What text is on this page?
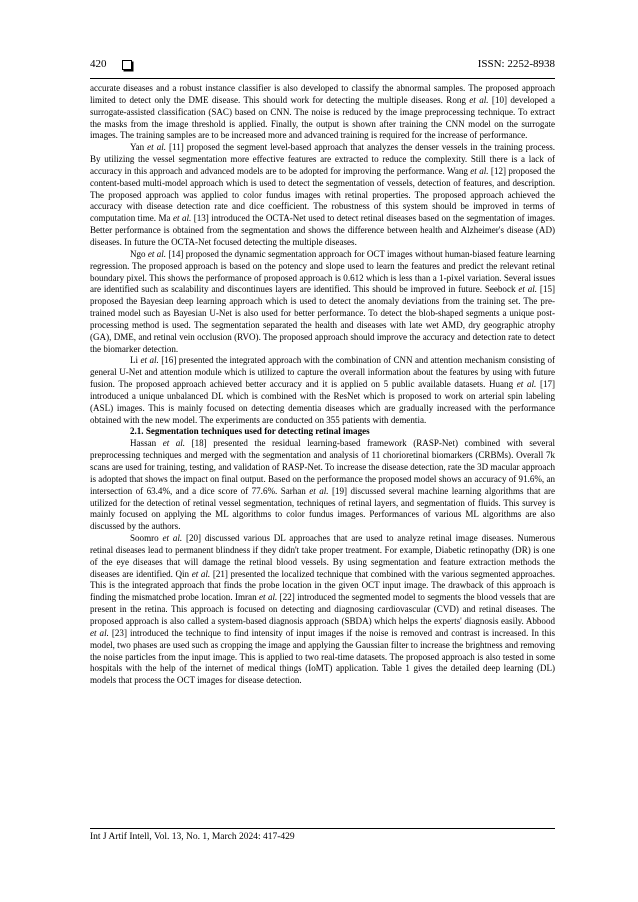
420	ISSN: 2252-8938

accurate diseases and a robust instance classifier is also developed to classify the abnormal samples. The proposed approach limited to detect only the DME disease. This should work for detecting the multiple diseases. Rong et al. [10] developed a surrogate-assisted classification (SAC) based on CNN. The noise is reduced by the image preprocessing technique. To extract the masks from the image threshold is applied. Finally, the output is shown after training the CNN model on the surrogate images. The training samples are to be increased more and advanced training is required for the increase of performance.

Yan et al. [11] proposed the segment level-based approach that analyzes the denser vessels in the training process. By utilizing the vessel segmentation more effective features are extracted to reduce the complexity. Still there is a lack of accuracy in this approach and advanced models are to be adopted for improving the performance. Wang et al. [12] proposed the content-based multi-model approach which is used to detect the segmentation of vessels, detection of features, and description. The proposed approach was applied to color fundus images with retinal properties. The proposed approach achieved the accuracy with disease detection rate and dice coefficient. The robustness of this system should be improved in terms of computation time. Ma et al. [13] introduced the OCTA-Net used to detect retinal diseases based on the segmentation of images. Better performance is obtained from the segmentation and shows the difference between health and Alzheimer's disease (AD) diseases. In future the OCTA-Net focused detecting the multiple diseases.

Ngo et al. [14] proposed the dynamic segmentation approach for OCT images without human-biased feature learning regression. The proposed approach is based on the potency and slope used to learn the features and predict the relevant retinal boundary pixel. This shows the performance of proposed approach is 0.612 which is less than a 1-pixel variation. Several issues are identified such as scalability and discontinues layers are identified. This should be improved in future. Seebock et al. [15] proposed the Bayesian deep learning approach which is used to detect the anomaly deviations from the training set. The pre-trained model such as Bayesian U-Net is also used for better performance. To detect the blob-shaped segments a unique post-processing method is used. The segmentation separated the health and diseases with late wet AMD, dry geographic atrophy (GA), DME, and retinal vein occlusion (RVO). The proposed approach should improve the accuracy and detection rate to detect the biomarker detection.

Li et al. [16] presented the integrated approach with the combination of CNN and attention mechanism consisting of general U-Net and attention module which is utilized to capture the overall information about the features by using with future fusion. The proposed approach achieved better accuracy and it is applied on 5 public available datasets. Huang et al. [17] introduced a unique unbalanced DL which is combined with the ResNet which is proposed to work on arterial spin labeling (ASL) images. This is mainly focused on detecting dementia diseases which are gradually increased with the performance obtained with the new model. The experiments are conducted on 355 patients with dementia.

2.1. Segmentation techniques used for detecting retinal images

Hassan et al. [18] presented the residual learning-based framework (RASP-Net) combined with several preprocessing techniques and merged with the segmentation and analysis of 11 chorioretinal biomarkers (CRBMs). Overall 7k scans are used for training, testing, and validation of RASP-Net. To increase the disease detection, rate the 3D macular approach is adopted that shows the impact on final output. Based on the performance the proposed model shows an accuracy of 91.6%, an intersection of 63.4%, and a dice score of 77.6%. Sarhan et al. [19] discussed several machine learning algorithms that are utilized for the detection of retinal vessel segmentation, techniques of retinal layers, and segmentation of fluids. This survey is mainly focused on applying the ML algorithms to color fundus images. Performances of various ML algorithms are also discussed by the authors.

Soomro et al. [20] discussed various DL approaches that are used to analyze retinal image diseases. Numerous retinal diseases lead to permanent blindness if they didn't take proper treatment. For example, Diabetic retinopathy (DR) is one of the eye diseases that will damage the retinal blood vessels. By using segmentation and feature extraction methods the diseases are identified. Qin et al. [21] presented the localized technique that combined with the various segmented approaches. This is the integrated approach that finds the probe location in the given OCT input image. The drawback of this approach is finding the mismatched probe location. Imran et al. [22] introduced the segmented model to segments the blood vessels that are present in the retina. This approach is focused on detecting and diagnosing cardiovascular (CVD) and retinal diseases. The proposed approach is also called a system-based diagnosis approach (SBDA) which helps the experts' diagnosis easily. Abbood et al. [23] introduced the technique to find intensity of input images if the noise is removed and contrast is increased. In this model, two phases are used such as cropping the image and applying the Gaussian filter to increase the brightness and removing the noise particles from the input image. This is applied to two real-time datasets. The proposed approach is also tested in some hospitals with the help of the internet of medical things (IoMT) application. Table 1 gives the detailed deep learning (DL) models that process the OCT images for disease detection.

Int J Artif Intell, Vol. 13, No. 1, March 2024: 417-429
